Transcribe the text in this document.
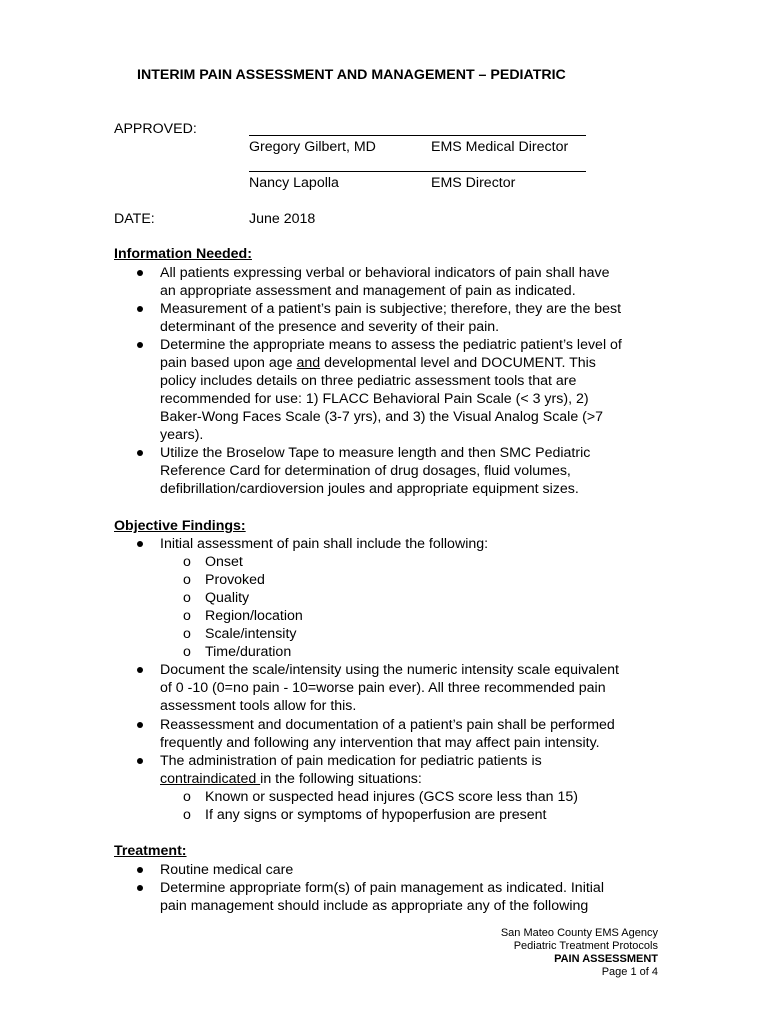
INTERIM PAIN ASSESSMENT AND MANAGEMENT – PEDIATRIC
APPROVED:
Gregory Gilbert, MD	EMS Medical Director
Nancy Lapolla	EMS Director
DATE:	June 2018
Information Needed:
All patients expressing verbal or behavioral indicators of pain shall have
an appropriate assessment and management of pain as indicated.
Measurement of a patient’s pain is subjective; therefore, they are the best
determinant of the presence and severity of their pain.
Determine the appropriate means to assess the pediatric patient’s level of
pain based upon age and developmental level and DOCUMENT. This
policy includes details on three pediatric assessment tools that are
recommended for use: 1) FLACC Behavioral Pain Scale (< 3 yrs), 2)
Baker-Wong Faces Scale (3-7 yrs), and 3) the Visual Analog Scale (>7
years).
Utilize the Broselow Tape to measure length and then SMC Pediatric
Reference Card for determination of drug dosages, fluid volumes,
defibrillation/cardioversion joules and appropriate equipment sizes.
Objective Findings:
Initial assessment of pain shall include the following:
o Onset
o Provoked
o Quality
o Region/location
o Scale/intensity
o Time/duration
Document the scale/intensity using the numeric intensity scale equivalent
of 0 -10 (0=no pain - 10=worse pain ever). All three recommended pain
assessment tools allow for this.
Reassessment and documentation of a patient’s pain shall be performed
frequently and following any intervention that may affect pain intensity.
The administration of pain medication for pediatric patients is
contraindicated in the following situations:
o Known or suspected head injures (GCS score less than 15)
o If any signs or symptoms of hypoperfusion are present
Treatment:
Routine medical care
Determine appropriate form(s) of pain management as indicated. Initial
pain management should include as appropriate any of the following
San Mateo County EMS Agency
Pediatric Treatment Protocols
PAIN ASSESSMENT
Page 1 of 4
